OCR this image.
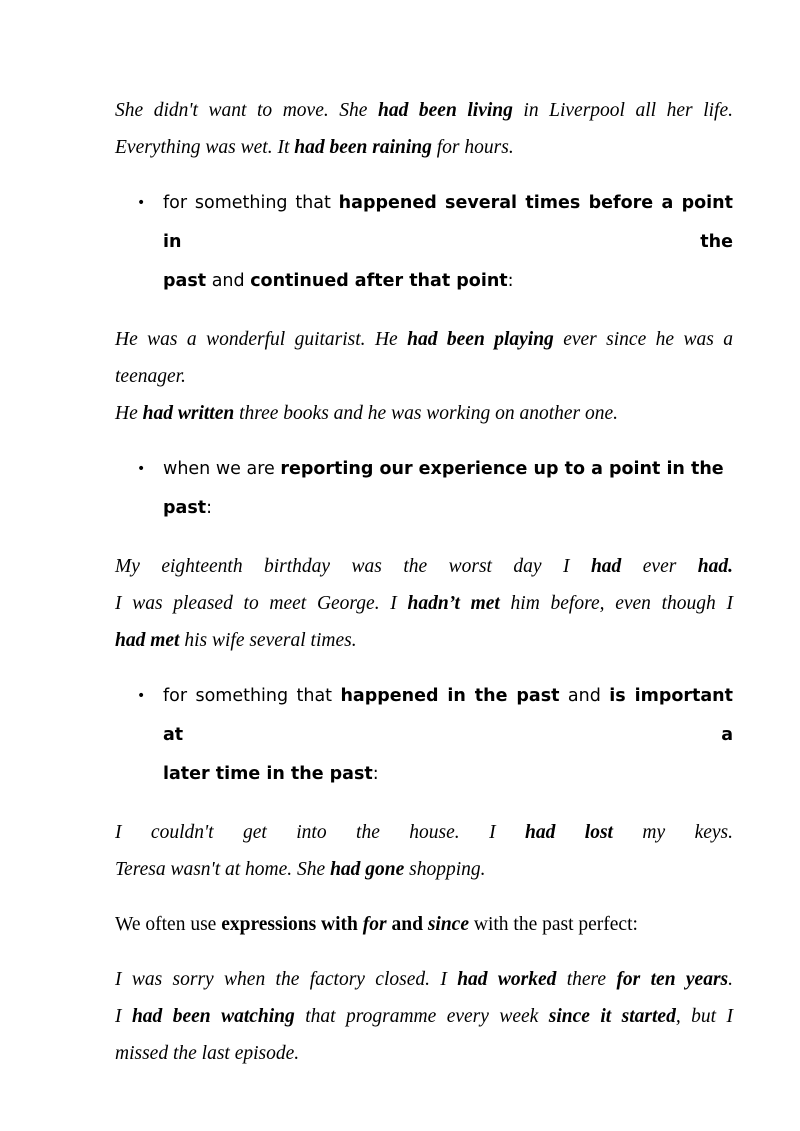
She didn't want to move. She had been living in Liverpool all her life.
Everything was wet. It had been raining for hours.

• for something that happened several times before a point in the
past and continued after that point:

He was a wonderful guitarist. He had been playing ever since he was a
teenager.
He had written three books and he was working on another one.

• when we are reporting our experience up to a point in the past:

My eighteenth birthday was the worst day I had ever had.
I was pleased to meet George. I hadn’t met him before, even though I
had met his wife several times.

• for something that happened in the past and is important at a
later time in the past:

I couldn't get into the house. I had lost my keys.
Teresa wasn't at home. She had gone shopping.

We often use expressions with for and since with the past perfect:

I was sorry when the factory closed. I had worked there for ten years.
I had been watching that programme every week since it started, but I
missed the last episode.
